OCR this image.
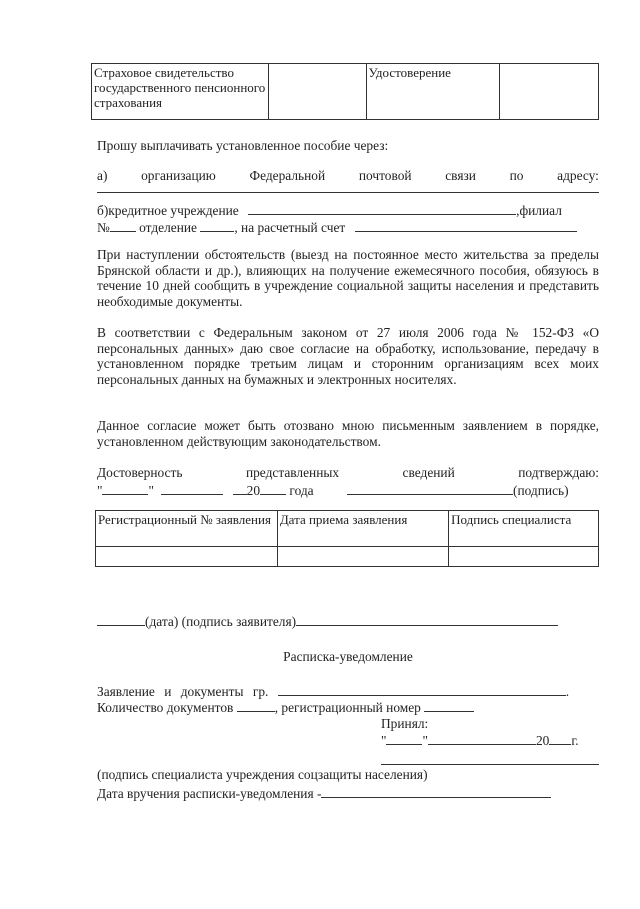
Страховое свидетельство государственного пенсионного страхования		Удостоверение	
Прошу выплачивать установленное пособие через:
а)	организацию	Федеральной	почтовой	связи	по	адресу:
б)кредитное учреждение	,филиал
№ отделение	, на расчетный счет
При наступлении обстоятельств (выезд на постоянное место жительства за пределы Брянской области и др.), влияющих на получение ежемесячного пособия, обязуюсь в течение 10 дней сообщить в учреждение социальной защиты населения и представить необходимые документы.
В соответствии с Федеральным законом от 27 июля 2006 года № 152-ФЗ «О персональных данных» даю свое согласие на обработку, использование, передачу в установленном порядке третьим лицам и сторонним организациям всех моих персональных данных на бумажных и электронных носителях.
Данное согласие может быть отозвано мною письменным заявлением в порядке, установленном действующим законодательством.
Достоверность	представленных	сведений	подтверждаю:
"	"	20 года	(подпись)
Регистрационный № заявления	Дата приема заявления	Подпись специалиста

(дата) (подпись заявителя)
Расписка-уведомление
Заявление и документы гр.	.
Количество документов	, регистрационный номер
Принял:
"	"	20 г.
(подпись специалиста учреждения соцзащиты населения)
Дата вручения расписки-уведомления -
